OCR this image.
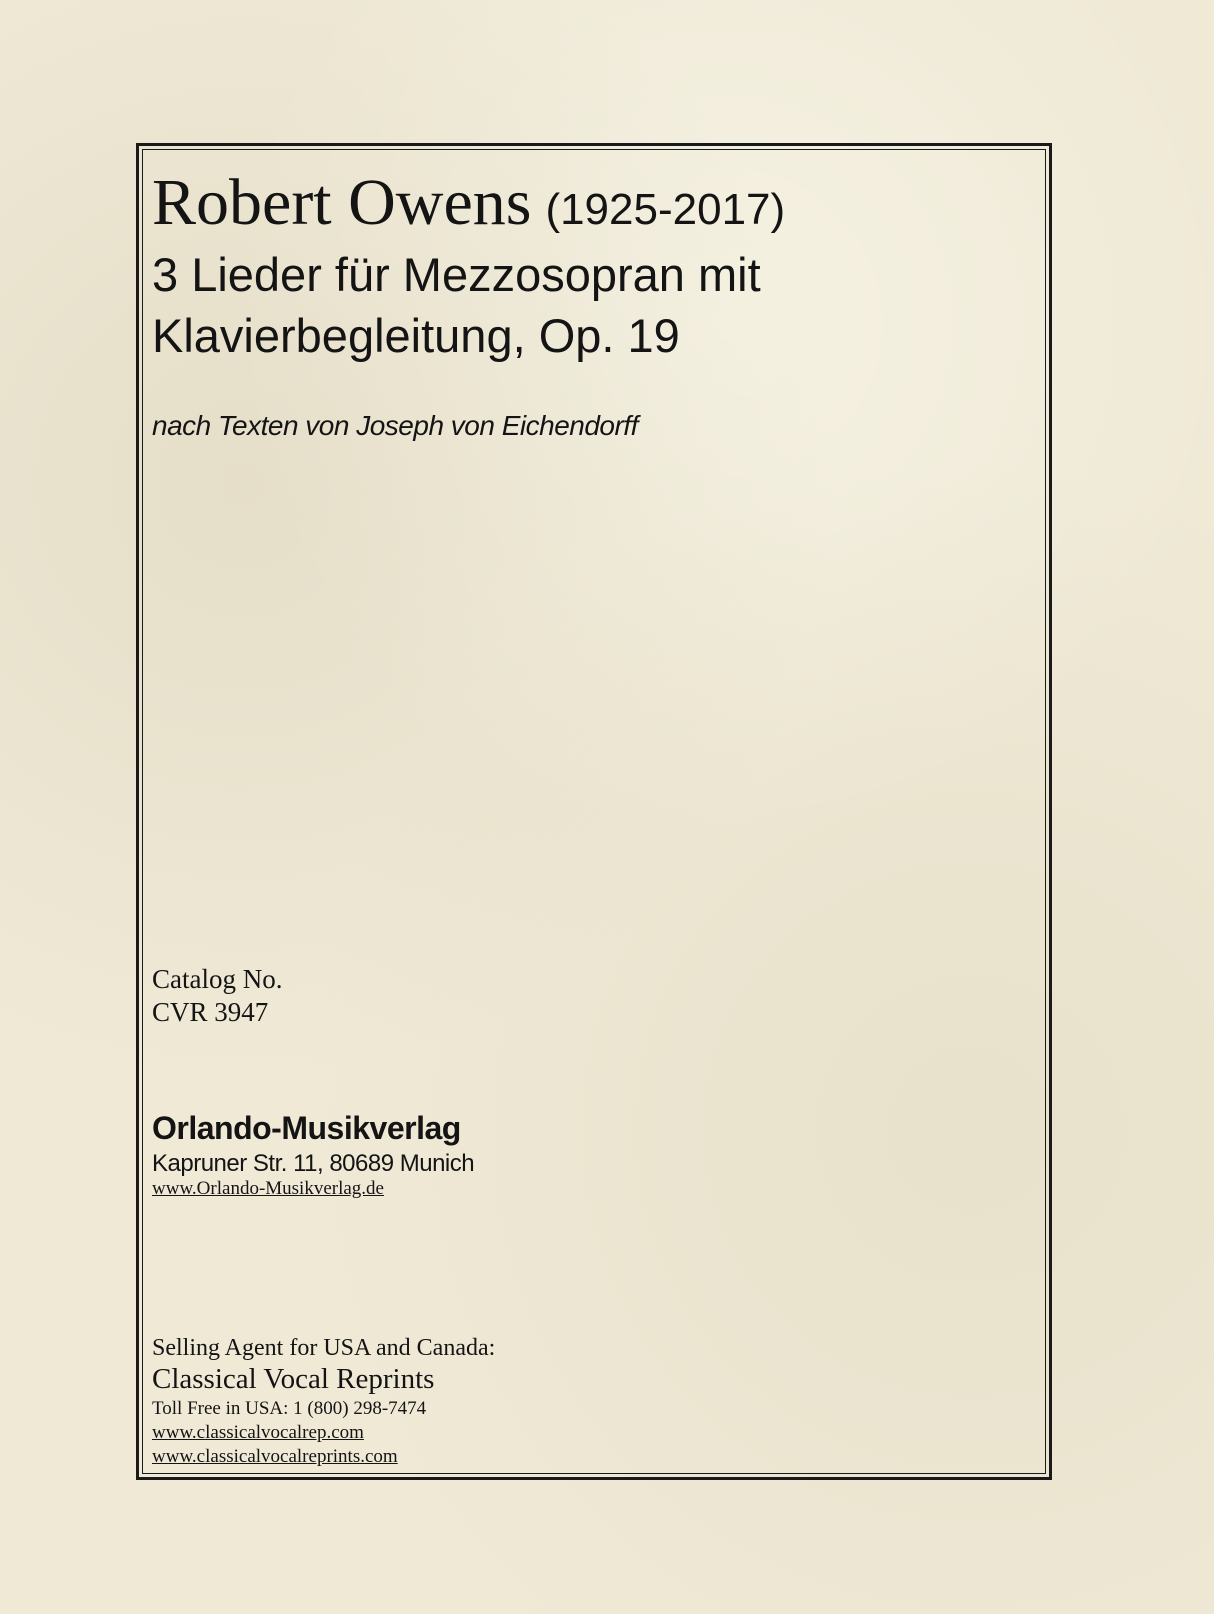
Robert Owens (1925-2017)
3 Lieder für Mezzosopran mit
Klavierbegleitung, Op. 19
nach Texten von Joseph von Eichendorff
Catalog No.
CVR 3947
Orlando-Musikverlag
Kapruner Str. 11, 80689 Munich
www.Orlando-Musikverlag.de
Selling Agent for USA and Canada:
Classical Vocal Reprints
Toll Free in USA: 1 (800) 298-7474
www.classicalvocalrep.com
www.classicalvocalreprints.com
